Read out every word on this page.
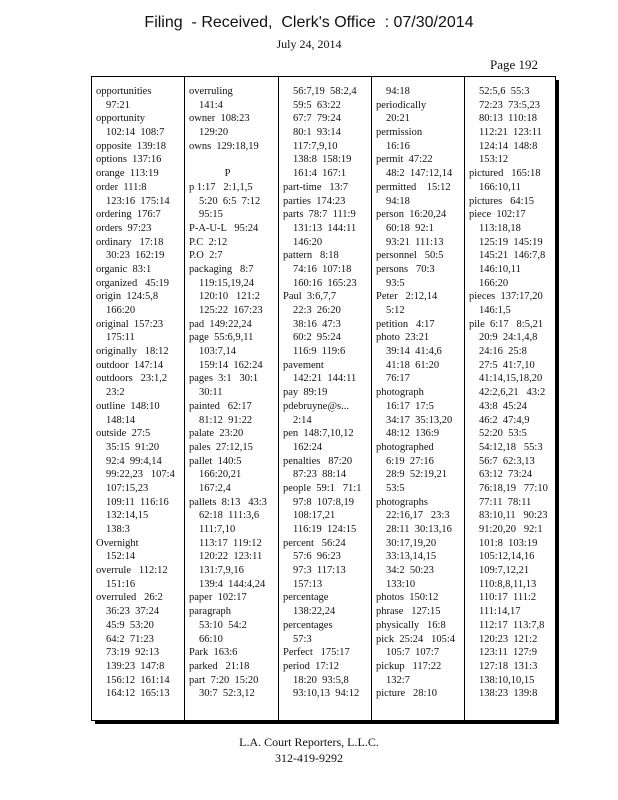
Filing  - Received,  Clerk's Office  : 07/30/2014
July 24, 2014
Page 192
opportunities
97:21
opportunity
102:14  108:7
opposite  139:18
options  137:16
orange  113:19
order  111:8
123:16  175:14
ordering  176:7
orders  97:23
ordinary   17:18
30:23  162:19
organic  83:1
organized   45:19
origin  124:5,8
166:20
original  157:23
175:11
originally   18:12
outdoor  147:14
outdoors   23:1,2
23:2
outline  148:10
148:14
outside  27:5
35:15  91:20
92:4  99:4,14
99:22,23   107:4
107:15,23
109:11  116:16
132:14,15
138:3
Overnight
152:14
overrule   112:12
151:16
overruled   26:2
36:23  37:24
45:9  53:20
64:2  71:23
73:19  92:13
139:23  147:8
156:12  161:14
164:12  165:13
overruling
141:4
owner  108:23
129:20
owns  129:18,19
P
p 1:17   2:1,1,5
5:20  6:5  7:12
95:15
P-A-U-L   95:24
P.C  2:12
P.O  2:7
packaging   8:7
119:15,19,24
120:10   121:2
125:22  167:23
pad  149:22,24
page  55:6,9,11
103:7,14
159:14  162:24
pages  3:1   30:1
30:11
painted   62:17
81:12  91:22
palate  23:20
pales  27:12,15
pallet  140:5
166:20,21
167:2,4
pallets  8:13   43:3
62:18  111:3,6
111:7,10
113:17  119:12
120:22  123:11
131:7,9,16
139:4  144:4,24
paper  102:17
paragraph
53:10  54:2
66:10
Park  163:6
parked   21:18
part  7:20  15:20
30:7  52:3,12
56:7,19  58:2,4
59:5  63:22
67:7  79:24
80:1  93:14
117:7,9,10
138:8  158:19
161:4  167:1
part-time   13:7
parties  174:23
parts  78:7  111:9
131:13  144:11
146:20
pattern   8:18
74:16  107:18
160:16  165:23
Paul  3:6,7,7
22:3  26:20
38:16  47:3
60:2  95:24
116:9  119:6
pavement
142:21  144:11
pay  89:19
pdebruyne@s...
2:14
pen  148:7,10,12
162:24
penalties   87:20
87:23  88:14
people  59:1   71:1
97:8  107:8,19
108:17,21
116:19  124:15
percent   56:24
57:6  96:23
97:3  117:13
157:13
percentage
138:22,24
percentages
57:3
Perfect   175:17
period  17:12
18:20  93:5,8
93:10,13  94:12
94:18
periodically
20:21
permission
16:16
permit  47:22
48:2  147:12,14
permitted    15:12
94:18
person  16:20,24
60:18  92:1
93:21  111:13
personnel   50:5
persons   70:3
93:5
Peter   2:12,14
5:12
petition   4:17
photo  23:21
39:14  41:4,6
41:18  61:20
76:17
photograph
16:17  17:5
34:17  35:13,20
48:12  136:9
photographed
6:19  27:16
28:9  52:19,21
53:5
photographs
22:16,17   23:3
28:11  30:13,16
30:17,19,20
33:13,14,15
34:2  50:23
133:10
photos  150:12
phrase   127:15
physically   16:8
pick  25:24   105:4
105:7  107:7
pickup   117:22
132:7
picture   28:10
52:5,6  55:3
72:23  73:5,23
80:13  110:18
112:21  123:11
124:14  148:8
153:12
pictured   165:18
166:10,11
pictures   64:15
piece  102:17
113:18,18
125:19  145:19
145:21  146:7,8
146:10,11
166:20
pieces  137:17,20
146:1,5
pile  6:17   8:5,21
20:9  24:1,4,8
24:16  25:8
27:5  41:7,10
41:14,15,18,20
42:2,6,21   43:2
43:8  45:24
46:2  47:4,9
52:20  53:5
54:12,18   55:3
56:7  62:3,13
63:12  73:24
76:18,19   77:10
77:11  78:11
83:10,11   90:23
91:20,20   92:1
101:8  103:19
105:12,14,16
109:7,12,21
110:8,8,11,13
110:17  111:2
111:14,17
112:17  113:7,8
120:23  121:2
123:11  127:9
127:18  131:3
138:10,10,15
138:23  139:8
L.A. Court Reporters, L.L.C.
312-419-9292
